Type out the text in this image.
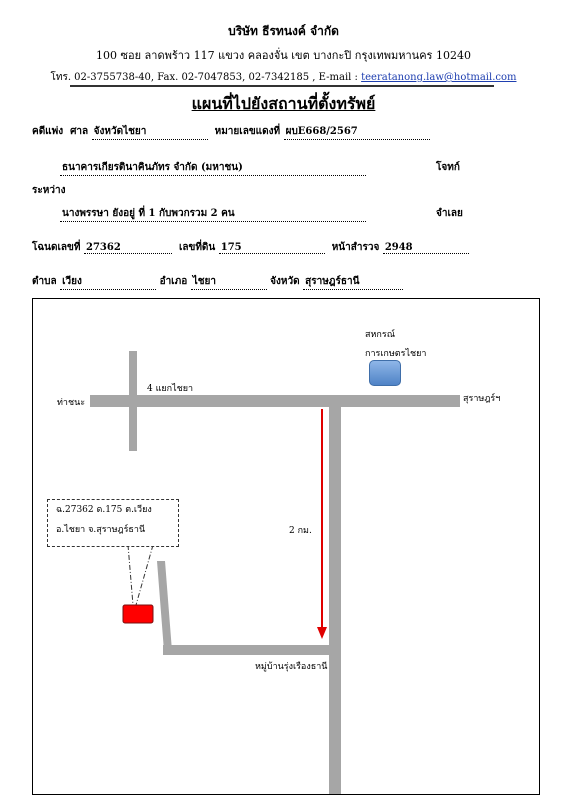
บริษัท ธีรทนงค์ จำกัด
100 ซอย ลาดพร้าว 117 แขวง คลองจั่น เขต บางกะปิ กรุงเทพมหานคร 10240
โทร. 02-3755738-40, Fax. 02-7047853, 02-7342185 , E-mail : teeratanong.law@hotmail.com
แผนที่ไปยังสถานที่ตั้งทรัพย์
คดีแพ่ง ศาล จังหวัดไชยา	หมายเลขแดงที่ ผบE668/2567
ธนาคารเกียรตินาคินภัทร จำกัด (มหาชน)	โจทก์
ระหว่าง
นางพรรษา ยังอยู่ ที่ 1 กับพวกรวม 2 คน	จำเลย
โฉนดเลขที่ 27362	เลขที่ดิน 175	หน้าสำรวจ 2948
ตำบล เวียง	อำเภอ ไชยา	จังหวัด สุราษฎร์ธานี
สหกรณ์
การเกษตรไชยา
4 แยกไชยา
ท่าชนะ	สุราษฎร์ฯ
2 กม.
หมู่บ้านรุ่งเรืองธานี
ฉ.27362 ด.175 ต.เวียง
อ.ไชยา จ.สุราษฎร์ธานี
